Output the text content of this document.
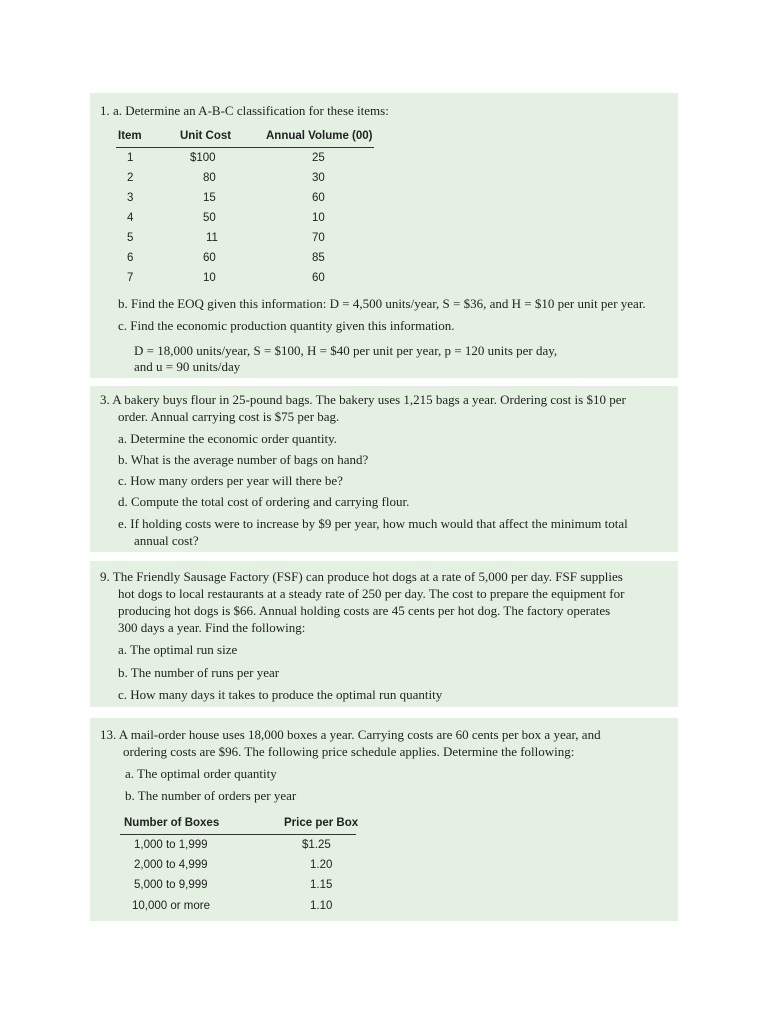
1. a. Determine an A-B-C classification for these items:
Item	Unit Cost	Annual Volume (00)
1	$100	25
2	80	30
3	15	60
4	50	10
5	11	70
6	60	85
7	10	60
b. Find the EOQ given this information: D = 4,500 units/year, S = $36, and H = $10 per unit per year.
c. Find the economic production quantity given this information.
D = 18,000 units/year, S = $100, H = $40 per unit per year, p = 120 units per day,
and u = 90 units/day
3. A bakery buys flour in 25-pound bags. The bakery uses 1,215 bags a year. Ordering cost is $10 per
order. Annual carrying cost is $75 per bag.
a. Determine the economic order quantity.
b. What is the average number of bags on hand?
c. How many orders per year will there be?
d. Compute the total cost of ordering and carrying flour.
e. If holding costs were to increase by $9 per year, how much would that affect the minimum total
annual cost?
9. The Friendly Sausage Factory (FSF) can produce hot dogs at a rate of 5,000 per day. FSF supplies
hot dogs to local restaurants at a steady rate of 250 per day. The cost to prepare the equipment for
producing hot dogs is $66. Annual holding costs are 45 cents per hot dog. The factory operates
300 days a year. Find the following:
a. The optimal run size
b. The number of runs per year
c. How many days it takes to produce the optimal run quantity
13. A mail-order house uses 18,000 boxes a year. Carrying costs are 60 cents per box a year, and
ordering costs are $96. The following price schedule applies. Determine the following:
a. The optimal order quantity
b. The number of orders per year
Number of Boxes	Price per Box
1,000 to 1,999	$1.25
2,000 to 4,999	1.20
5,000 to 9,999	1.15
10,000 or more	1.10
